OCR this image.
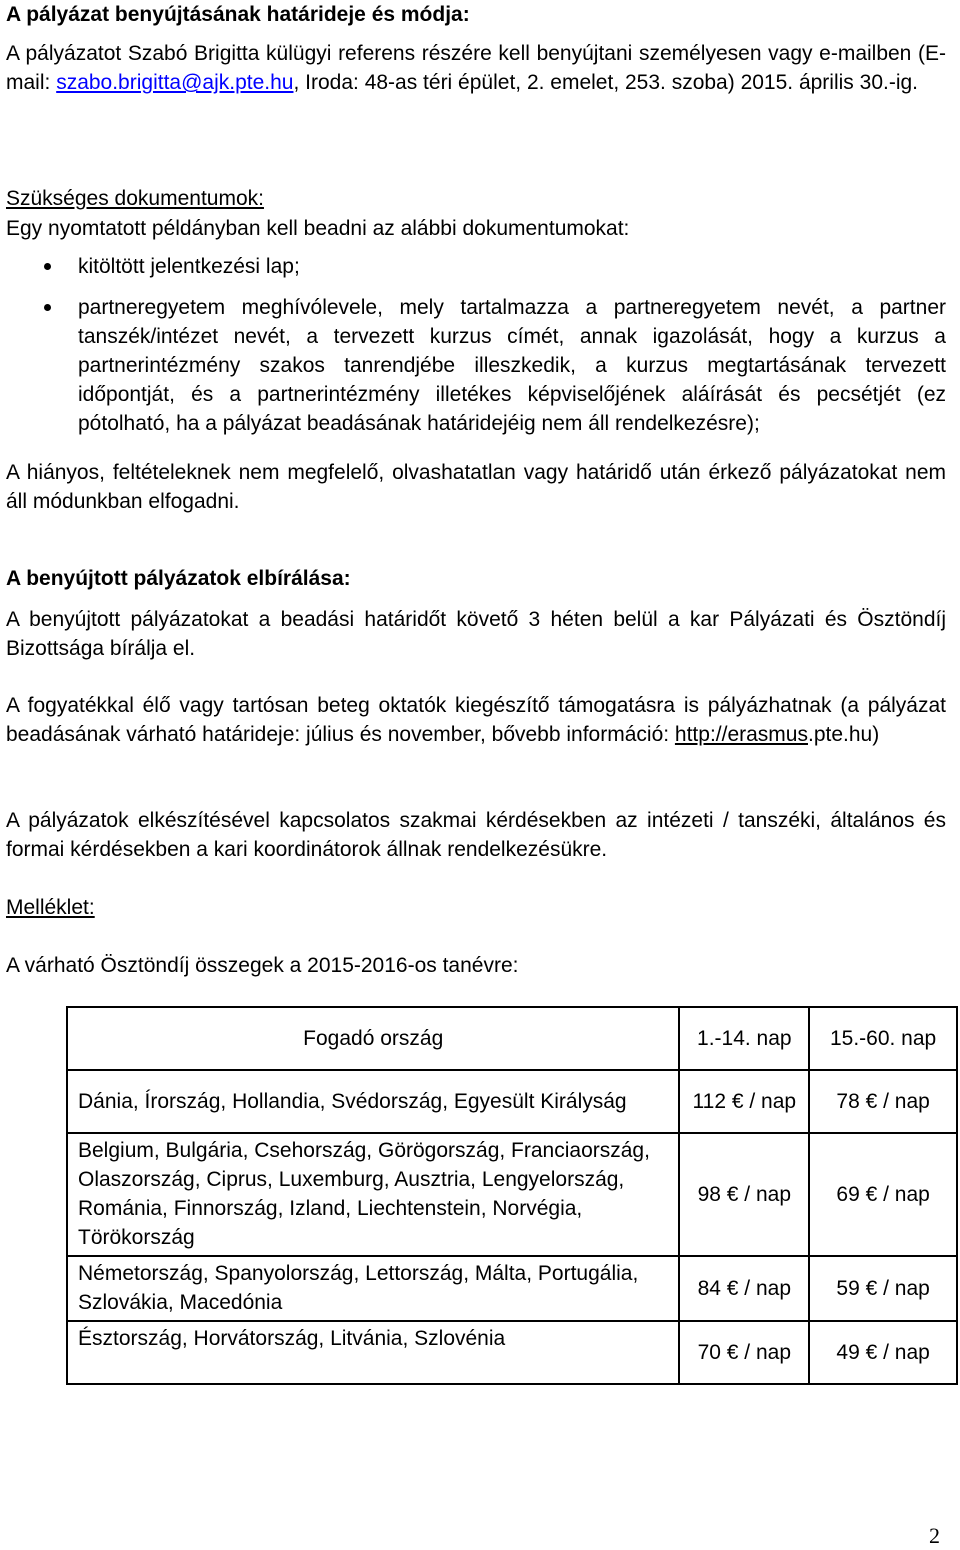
A pályázat benyújtásának határideje és módja:

A pályázatot Szabó Brigitta külügyi referens részére kell benyújtani személyesen vagy e-mailben (E-mail: szabo.brigitta@ajk.pte.hu, Iroda: 48-as téri épület, 2. emelet, 253. szoba) 2015. április 30.-ig.

Szükséges dokumentumok:

Egy nyomtatott példányban kell beadni az alábbi dokumentumokat:

kitöltött jelentkezési lap;
partneregyetem meghívólevele, mely tartalmazza a partneregyetem nevét, a partner tanszék/intézet nevét, a tervezett kurzus címét, annak igazolását, hogy a kurzus a partnerintézmény szakos tanrendjébe illeszkedik, a kurzus megtartásának tervezett időpontját, és a partnerintézmény illetékes képviselőjének aláírását és pecsétjét (ez pótolható, ha a pályázat beadásának határidejéig nem áll rendelkezésre);

A hiányos, feltételeknek nem megfelelő, olvashatatlan vagy határidő után érkező pályázatokat nem áll módunkban elfogadni.

A benyújtott pályázatok elbírálása:

A benyújtott pályázatokat a beadási határidőt követő 3 héten belül a kar Pályázati és Ösztöndíj Bizottsága bírálja el.

A fogyatékkal élő vagy tartósan beteg oktatók kiegészítő támogatásra is pályázhatnak (a pályázat beadásának várható határideje: július és november, bővebb információ: http://erasmus.pte.hu)

A pályázatok elkészítésével kapcsolatos szakmai kérdésekben az intézeti / tanszéki, általános és formai kérdésekben a kari koordinátorok állnak rendelkezésükre.

Melléklet:

A várható Ösztöndíj összegek a 2015-2016-os tanévre:

Fogadó ország	1.-14. nap	15.-60. nap
Dánia, Írország, Hollandia, Svédország, Egyesült Királyság	112 € / nap	78 € / nap
Belgium, Bulgária, Csehország, Görögország, Franciaország, Olaszország, Ciprus, Luxemburg, Ausztria, Lengyelország, Románia, Finnország, Izland, Liechtenstein, Norvégia, Törökország	98 € / nap	69 € / nap
Németország, Spanyolország, Lettország, Málta, Portugália, Szlovákia, Macedónia	84 € / nap	59 € / nap
Észtország, Horvátország, Litvánia, Szlovénia	70 € / nap	49 € / nap
2
